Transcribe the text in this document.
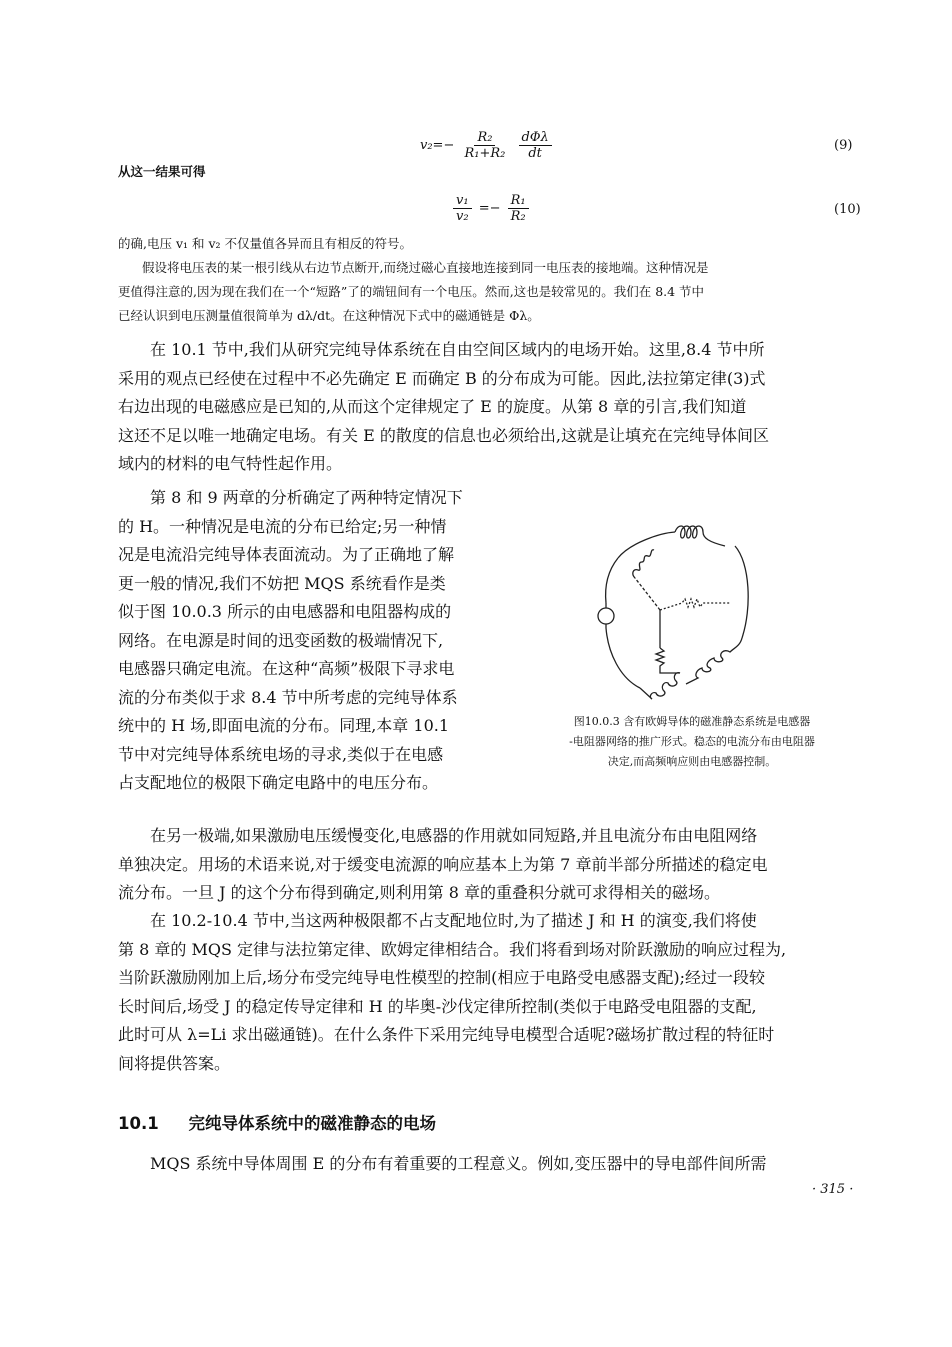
$v_2=- \frac{\text{R₂}}{\text{R₁+R₂}}$
$\frac{\text{dΦλ}}{dt}$	(9)

从这一结果可得

$\frac{\text{v₁}}{\text{v₂}} =- \frac{\text{R₁}}{\text{R₂}}$	(10)

的确,电压 v₁ 和 v₂ 不仅量值各异而且有相反的符号。

假设将电压表的某一根引线从右边节点断开,而绕过磁心直接地连接到同一电压表的接地端。这种情况是

更值得注意的,因为现在我们在一个“短路”了的端钮间有一个电压。然而,这也是较常见的。我们在 8.4 节中

已经认识到电压测量值很简单为 dλ/dt。在这种情况下式中的磁通链是 Φλ。

在 10.1 节中,我们从研究完纯导体系统在自由空间区域内的电场开始。这里,8.4 节中所

采用的观点已经使在过程中不必先确定 E 而确定 B 的分布成为可能。因此,法拉第定律(3)式

右边出现的电磁感应是已知的,从而这个定律规定了 E 的旋度。从第 8 章的引言,我们知道

这还不足以唯一地确定电场。有关 E 的散度的信息也必须给出,这就是让填充在完纯导体间区

域内的材料的电气特性起作用。

第 8 和 9 两章的分析确定了两种特定情况下

的 H。一种情况是电流的分布已给定;另一种情

况是电流沿完纯导体表面流动。为了正确地了解

更一般的情况,我们不妨把 MQS 系统看作是类

似于图 10.0.3 所示的由电感器和电阻器构成的

网络。在电源是时间的迅变函数的极端情况下,

电感器只确定电流。在这种“高频”极限下寻求电

流的分布类似于求 8.4 节中所考虑的完纯导体系

统中的 H 场,即面电流的分布。同理,本章 10.1

节中对完纯导体系统电场的寻求,类似于在电感

占支配地位的极限下确定电路中的电压分布。

图10.0.3 含有欧姆导体的磁准静态系统是电感器

-电阻器网络的推广形式。稳态的电流分布由电阻器

决定,而高频响应则由电感器控制。

在另一极端,如果激励电压缓慢变化,电感器的作用就如同短路,并且电流分布由电阻网络

单独决定。用场的术语来说,对于缓变电流源的响应基本上为第 7 章前半部分所描述的稳定电

流分布。一旦 J 的这个分布得到确定,则利用第 8 章的重叠积分就可求得相关的磁场。

在 10.2-10.4 节中,当这两种极限都不占支配地位时,为了描述 J 和 H 的演变,我们将使

第 8 章的 MQS 定律与法拉第定律、欧姆定律相结合。我们将看到场对阶跃激励的响应过程为,

当阶跃激励刚加上后,场分布受完纯导电性模型的控制(相应于电路受电感器支配);经过一段较

长时间后,场受 J 的稳定传导定律和 H 的毕奥-沙伐定律所控制(类似于电路受电阻器的支配,

此时可从 λ=Li 求出磁通链)。在什么条件下采用完纯导电模型合适呢?磁场扩散过程的特征时

间将提供答案。

10.1 完纯导体系统中的磁准静态的电场

MQS 系统中导体周围 E 的分布有着重要的工程意义。例如,变压器中的导电部件间所需

· 315 ·
